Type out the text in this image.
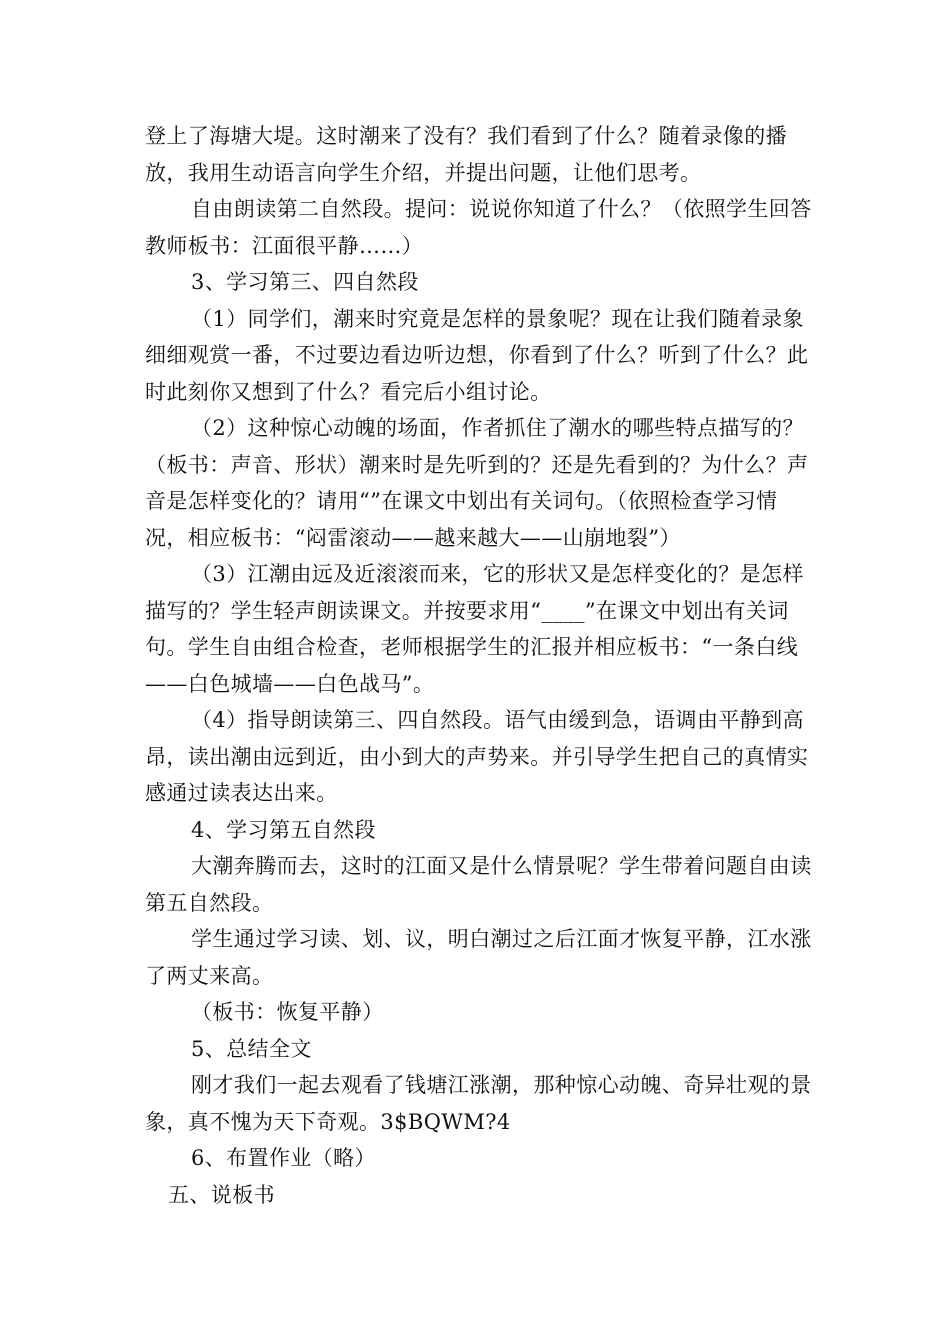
登上了海塘大堤。这时潮来了没有？我们看到了什么？随着录像的播放，我用生动语言向学生介绍，并提出问题，让他们思考。

自由朗读第二自然段。提问：说说你知道了什么？（依照学生回答教师板书：江面很平静……）

3、学习第三、四自然段

（1）同学们，潮来时究竟是怎样的景象呢？现在让我们随着录象细细观赏一番，不过要边看边听边想，你看到了什么？听到了什么？此时此刻你又想到了什么？看完后小组讨论。

（2）这种惊心动魄的场面，作者抓住了潮水的哪些特点描写的？（板书：声音、形状）潮来时是先听到的？还是先看到的？为什么？声音是怎样变化的？请用“”在课文中划出有关词句。（依照检查学习情况，相应板书：“闷雷滚动——越来越大——山崩地裂”）

（3）江潮由远及近滚滚而来，它的形状又是怎样变化的？是怎样描写的？学生轻声朗读课文。并按要求用“____”在课文中划出有关词句。学生自由组合检查，老师根据学生的汇报并相应板书：“一条白线——白色城墙——白色战马”。

（4）指导朗读第三、四自然段。语气由缓到急，语调由平静到高昂，读出潮由远到近，由小到大的声势来。并引导学生把自己的真情实感通过读表达出来。

4、学习第五自然段

大潮奔腾而去，这时的江面又是什么情景呢？学生带着问题自由读第五自然段。

学生通过学习读、划、议，明白潮过之后江面才恢复平静，江水涨了两丈来高。

（板书：恢复平静）

5、总结全文

刚才我们一起去观看了钱塘江涨潮，那种惊心动魄、奇异壮观的景象，真不愧为天下奇观。3$BQWM?4

6、布置作业（略）

五、说板书
